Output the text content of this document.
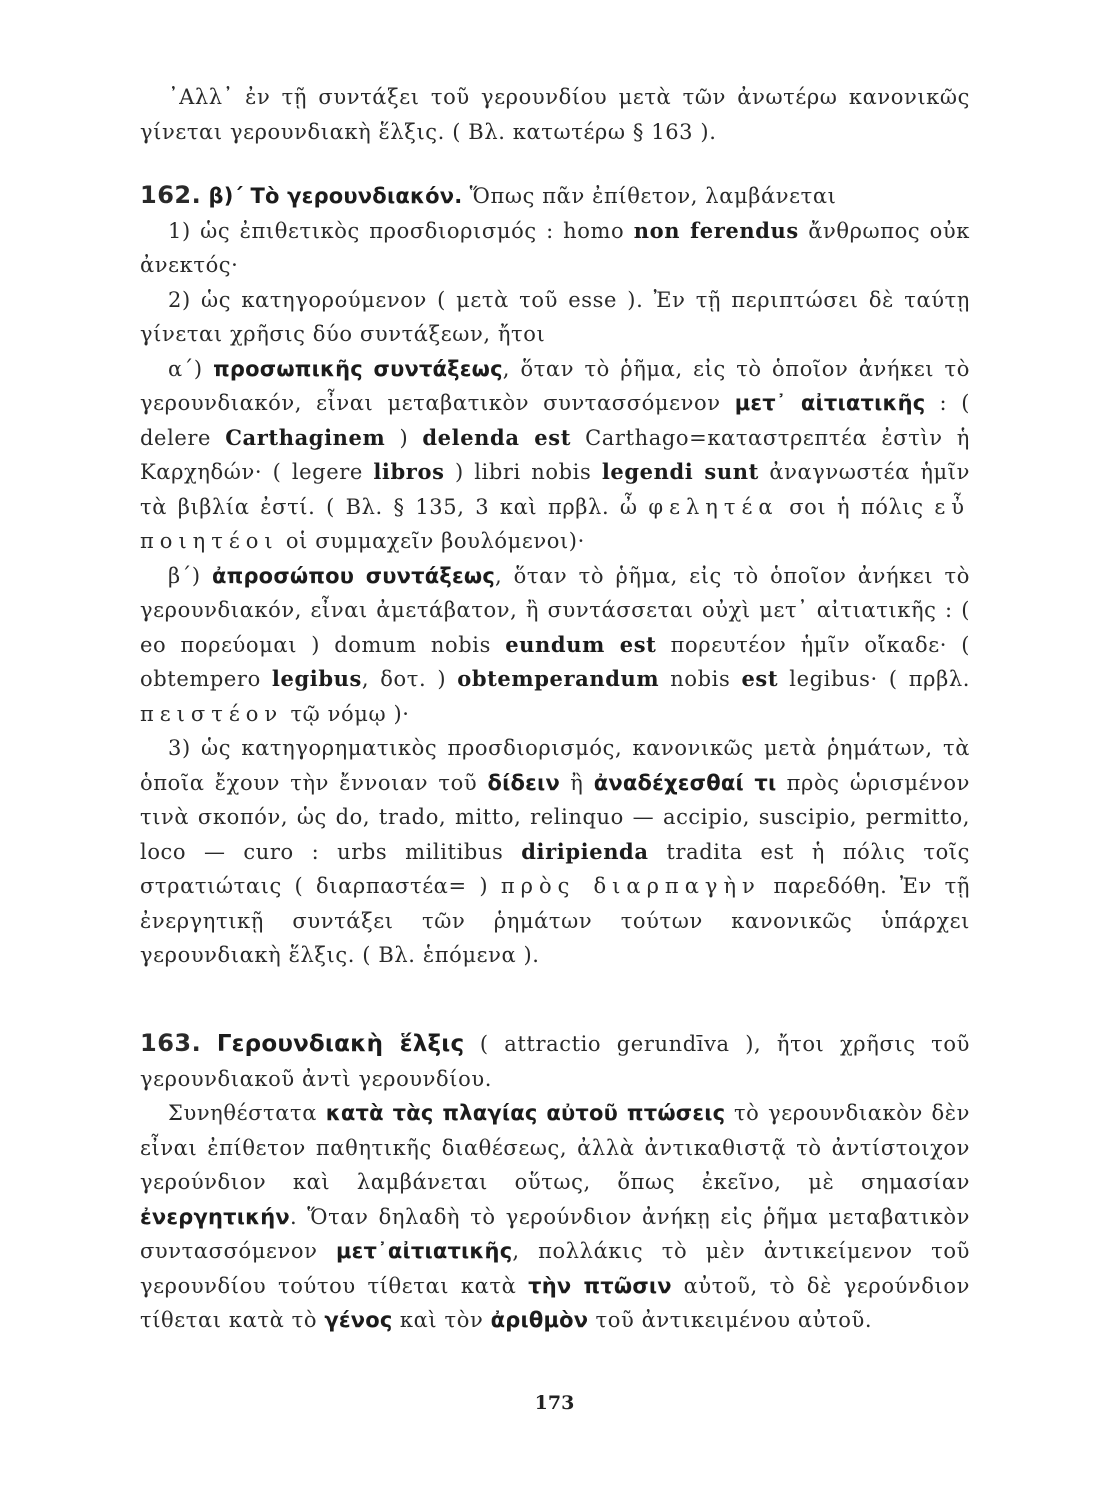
᾿Αλλ᾿ ἐν τῇ συντάξει τοῦ γερουνδίου μετὰ τῶν ἀνωτέρω κανονικῶς γίνεται γερουνδιακὴ ἕλξις. ( Βλ. κατωτέρω § 163 ).

162. β)΄ Τὸ γερουνδιακόν. Ὅπως πᾶν ἐπίθετον, λαμβάνεται
1) ὡς ἐπιθετικὸς προσδιορισμός : homo non ferendus ἄνθρωπος οὐκ ἀνεκτός·
2) ὡς κατηγορούμενον ( μετὰ τοῦ esse ). Ἐν τῇ περιπτώσει δὲ ταύτῃ γίνεται χρῆσις δύο συντάξεων, ἤτοι
α΄) προσωπικῆς συντάξεως, ὅταν τὸ ῥῆμα, εἰς τὸ ὁποῖον ἀνήκει τὸ γερουνδιακόν, εἶναι μεταβατικὸν συντασσόμενον μετ᾿ αἰτιατικῆς : ( delere Carthaginem ) delenda est Carthago=καταστρεπτέα ἐστὶν ἡ Καρχηδών· ( legere libros ) libri nobis legendi sunt ἀναγνωστέα ἡμῖν τὰ βιβλία ἐστί. ( Βλ. § 135, 3 καὶ πρβλ. ὦ φελητέα σοι ἡ πόλις εὖ ποιητέοι οἱ συμμαχεῖν βουλόμενοι)·
β΄) ἀπροσώπου συντάξεως, ὅταν τὸ ῥῆμα, εἰς τὸ ὁποῖον ἀνήκει τὸ γερουνδιακόν, εἶναι ἀμετάβατον, ἢ συντάσσεται οὐχὶ μετ᾿ αἰτιατικῆς : ( eo πορεύομαι ) domum nobis eundum est πορευτέον ἡμῖν οἴκαδε· ( obtempero legibus, δοτ. ) obtemperandum nobis est legibus· ( πρβλ. πειστέον τῷ νόμῳ )·
3) ὡς κατηγορηματικὸς προσδιορισμός, κανονικῶς μετὰ ῥημάτων, τὰ ὁποῖα ἔχουν τὴν ἔννοιαν τοῦ δίδειν ἢ ἀναδέχεσθαί τι πρὸς ὡρισμένον τινὰ σκοπόν, ὡς do, trado, mitto, relinquo — accipio, suscipio, permitto, loco — curo : urbs militibus diripienda tradita est ἡ πόλις τοῖς στρατιώταις ( διαρπαστέα= ) πρὸς διαρπαγὴν παρεδόθη. Ἐν τῇ ἐνεργητικῇ συντάξει τῶν ῥημάτων τούτων κανονικῶς ὑπάρχει γερουνδιακὴ ἕλξις. ( Βλ. ἑπόμενα ).

163. Γερουνδιακὴ ἕλξις ( attractio gerundīva ), ἤτοι χρῆσις τοῦ γερουνδιακοῦ ἀντὶ γερουνδίου.
Συνηθέστατα κατὰ τὰς πλαγίας αὐτοῦ πτώσεις τὸ γερουνδιακὸν δὲν εἶναι ἐπίθετον παθητικῆς διαθέσεως, ἀλλὰ ἀντικαθιστᾷ τὸ ἀντίστοιχον γερούνδιον καὶ λαμβάνεται οὕτως, ὅπως ἐκεῖνο, μὲ σημασίαν ἐνεργητικήν. Ὅταν δηλαδὴ τὸ γερούνδιον ἀνήκῃ εἰς ῥῆμα μεταβατικὸν συντασσόμενον μετ᾿αἰτιατικῆς, πολλάκις τὸ μὲν ἀντικείμενον τοῦ γερουνδίου τούτου τίθεται κατὰ τὴν πτῶσιν αὐτοῦ, τὸ δὲ γερούνδιον τίθεται κατὰ τὸ γένος καὶ τὸν ἀριθμὸν τοῦ ἀντικειμένου αὐτοῦ.

173
